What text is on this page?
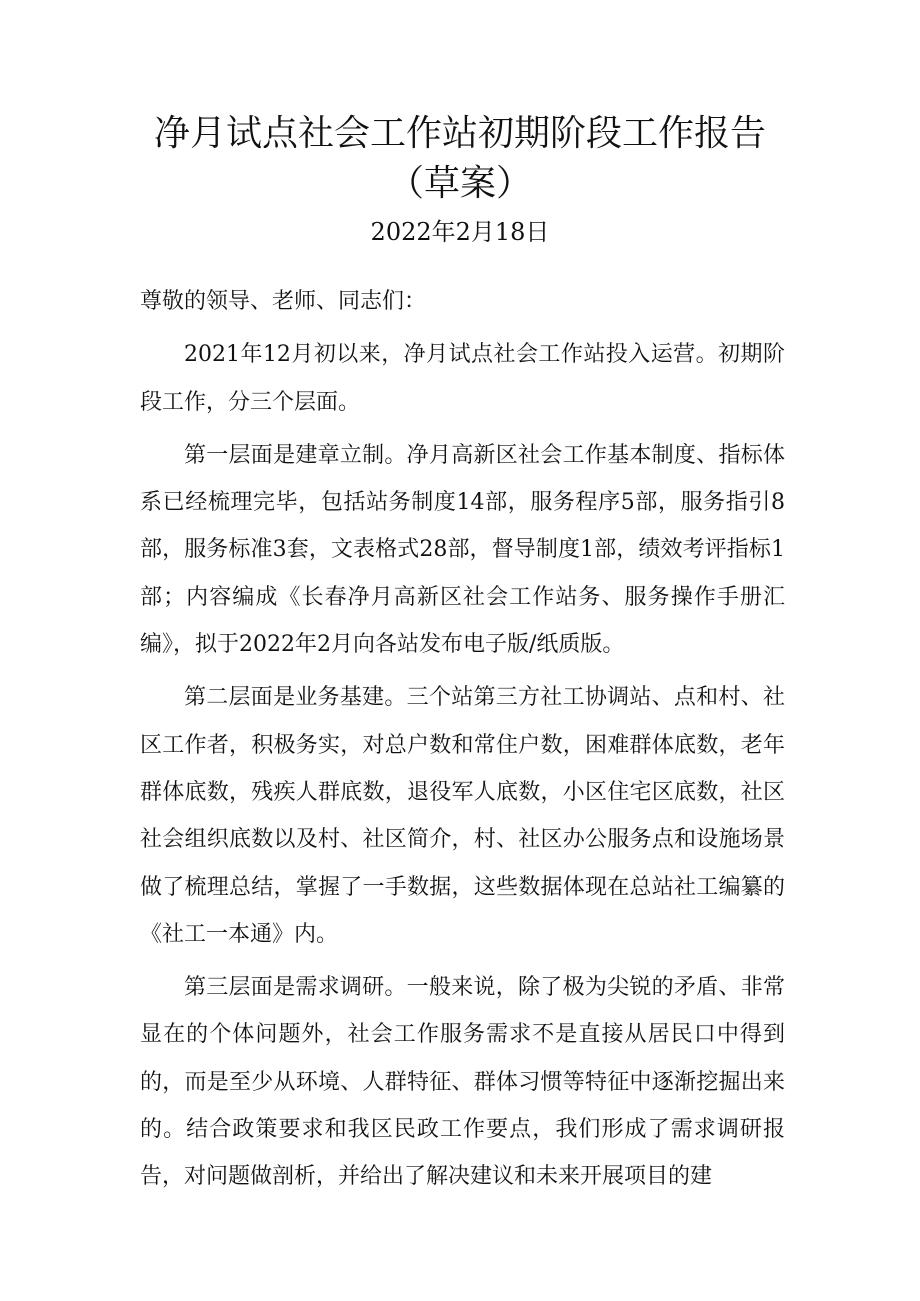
净月试点社会工作站初期阶段工作报告
（草案）
2022年2月18日

尊敬的领导、老师、同志们：

2021年12月初以来，净月试点社会工作站投入运营。初期阶段工作，分三个层面。

第一层面是建章立制。净月高新区社会工作基本制度、指标体系已经梳理完毕，包括站务制度14部，服务程序5部，服务指引8部，服务标准3套，文表格式28部，督导制度1部，绩效考评指标1部；内容编成《长春净月高新区社会工作站务、服务操作手册汇编》，拟于2022年2月向各站发布电子版/纸质版。

第二层面是业务基建。三个站第三方社工协调站、点和村、社区工作者，积极务实，对总户数和常住户数，困难群体底数，老年群体底数，残疾人群底数，退役军人底数，小区住宅区底数，社区社会组织底数以及村、社区简介，村、社区办公服务点和设施场景做了梳理总结，掌握了一手数据，这些数据体现在总站社工编纂的《社工一本通》内。

第三层面是需求调研。一般来说，除了极为尖锐的矛盾、非常显在的个体问题外，社会工作服务需求不是直接从居民口中得到的，而是至少从环境、人群特征、群体习惯等特征中逐渐挖掘出来的。结合政策要求和我区民政工作要点，我们形成了需求调研报告，对问题做剖析，并给出了解决建议和未来开展项目的建
